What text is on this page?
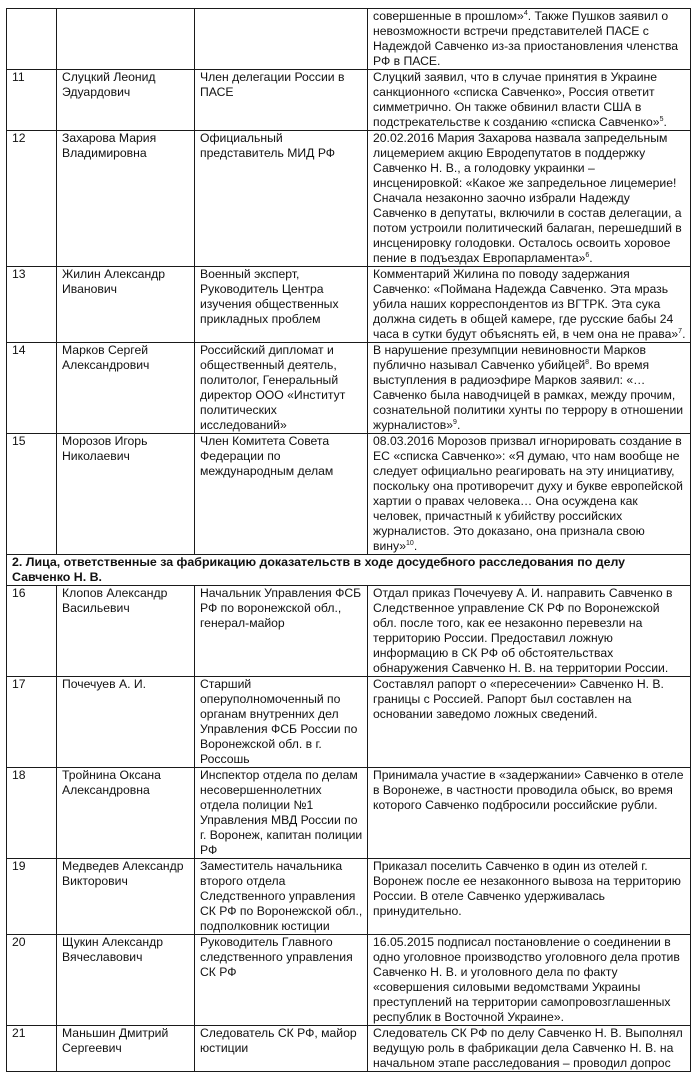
			совершенные в прошлом»$^4$. Также Пушков заявил о невозможности встречи представителей ПАСЕ с Надеждой Савченко из-за приостановления членства РФ в ПАСЕ.
11	Слуцкий Леонид Эдуардович	Член делегации России в ПАСЕ	Слуцкий заявил, что в случае принятия в Украине санкционного «списка Савченко», Россия ответит симметрично. Он также обвинил власти США в подстрекательстве к созданию «списка Савченко»$^5$.
12	Захарова Мария Владимировна	Официальный представитель МИД РФ	20.02.2016 Мария Захарова назвала запредельным лицемерием акцию Евродепутатов в поддержку Савченко Н. В., а голодовку украинки – инсценировкой: «Какое же запредельное лицемерие! Сначала незаконно заочно избрали Надежду Савченко в депутаты, включили в состав делегации, а потом устроили политический балаган, перешедший в инсценировку голодовки. Осталось освоить хоровое пение в подъездах Европарламента»$^6$.
13	Жилин Александр Иванович	Военный эксперт, Руководитель Центра изучения общественных прикладных проблем	Комментарий Жилина по поводу задержания Савченко: «Поймана Надежда Савченко. Эта мразь убила наших корреспондентов из ВГТРК. Эта сука должна сидеть в общей камере, где русские бабы 24 часа в сутки будут объяснять ей, в чем она не права»$^7$.
14	Марков Сергей Александрович	Российский дипломат и общественный деятель, политолог, Генеральный директор ООО «Институт политических исследований»	В нарушение презумпции невиновности Марков публично называл Савченко убийцей$^8$. Во время выступления в радиоэфире Марков заявил: «…Савченко была наводчицей в рамках, между прочим, сознательной политики хунты по террору в отношении журналистов»$^9$.
15	Морозов Игорь Николаевич	Член Комитета Совета Федерации по международным делам	08.03.2016 Морозов призвал игнорировать создание в ЕС «списка Савченко»: «Я думаю, что нам вообще не следует официально реагировать на эту инициативу, поскольку она противоречит духу и букве европейской хартии о правах человека… Она осуждена как человек, причастный к убийству российских журналистов. Это доказано, она признала свою вину»$^{10}$.
2. Лица, ответственные за фабрикацию доказательств в ходе досудебного расследования по делу Савченко Н. В.			
16	Клопов Александр Васильевич	Начальник Управления ФСБ РФ по воронежской обл., генерал-майор	Отдал приказ Почечуеву А. И. направить Савченко в Следственное управление СК РФ по Воронежской обл. после того, как ее незаконно перевезли на территорию России. Предоставил ложную информацию в СК РФ об обстоятельствах обнаружения Савченко Н. В. на территории России.
17	Почечуев А. И.	Старший оперуполномоченный по органам внутренних дел Управления ФСБ России по Воронежской обл. в г. Россошь	Составлял рапорт о «пересечении» Савченко Н. В. границы с Россией. Рапорт был составлен на основании заведомо ложных сведений.
18	Тройнина Оксана Александровна	Инспектор отдела по делам несовершеннолетних отдела полиции №1 Управления МВД России по г. Воронеж, капитан полиции РФ	Принимала участие в «задержании» Савченко в отеле в Воронеже, в частности проводила обыск, во время которого Савченко подбросили российские рубли.
19	Медведев Александр Викторович	Заместитель начальника второго отдела Следственного управления СК РФ по Воронежской обл., подполковник юстиции	Приказал поселить Савченко в один из отелей г. Воронеж после ее незаконного вывоза на территорию России. В отеле Савченко удерживалась принудительно.
20	Щукин Александр Вячеславович	Руководитель Главного следственного управления СК РФ	16.05.2015 подписал постановление о соединении в одно уголовное производство уголовного дела против Савченко Н. В. и уголовного дела по факту «совершения силовыми ведомствами Украины преступлений на территории самопровозглашенных республик в Восточной Украине».
21	Маньшин Дмитрий Сергеевич	Следователь СК РФ, майор юстиции	Следователь СК РФ по делу Савченко Н. В. Выполнял ведущую роль в фабрикации дела Савченко Н. В. на начальном этапе расследования – проводил допрос
